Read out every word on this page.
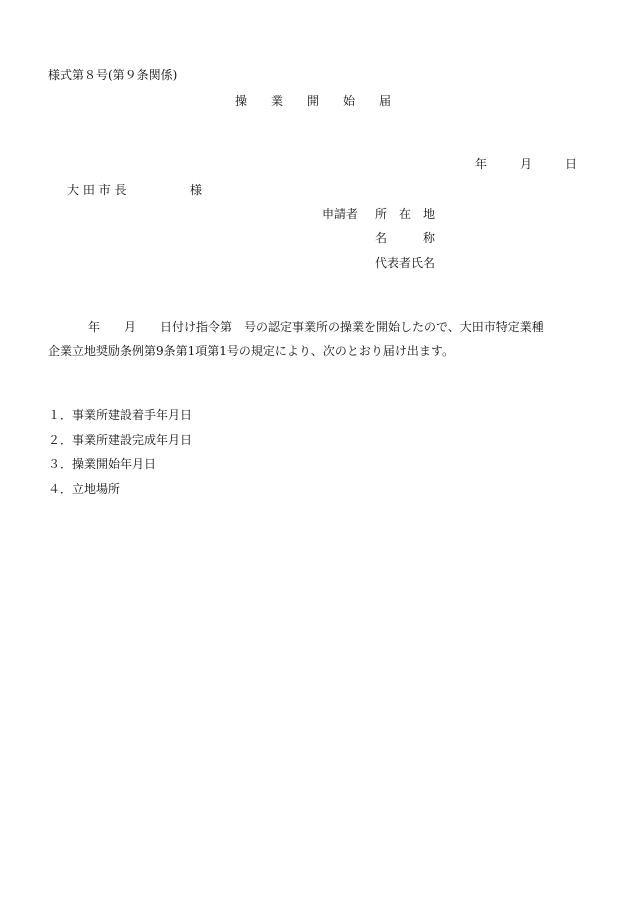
様式第８号(第９条関係)
操　　業　　開　　始　　届
年	月	日
大 田 市 長	様
申請者 所　在　地
名　　　称
代表者氏名
年　　月　　日付け指令第　号の認定事業所の操業を開始したので、大田市特定業種
企業立地奨励条例第9条第1項第1号の規定により、次のとおり届け出ます。
１．事業所建設着手年月日
２．事業所建設完成年月日
３．操業開始年月日
４．立地場所
